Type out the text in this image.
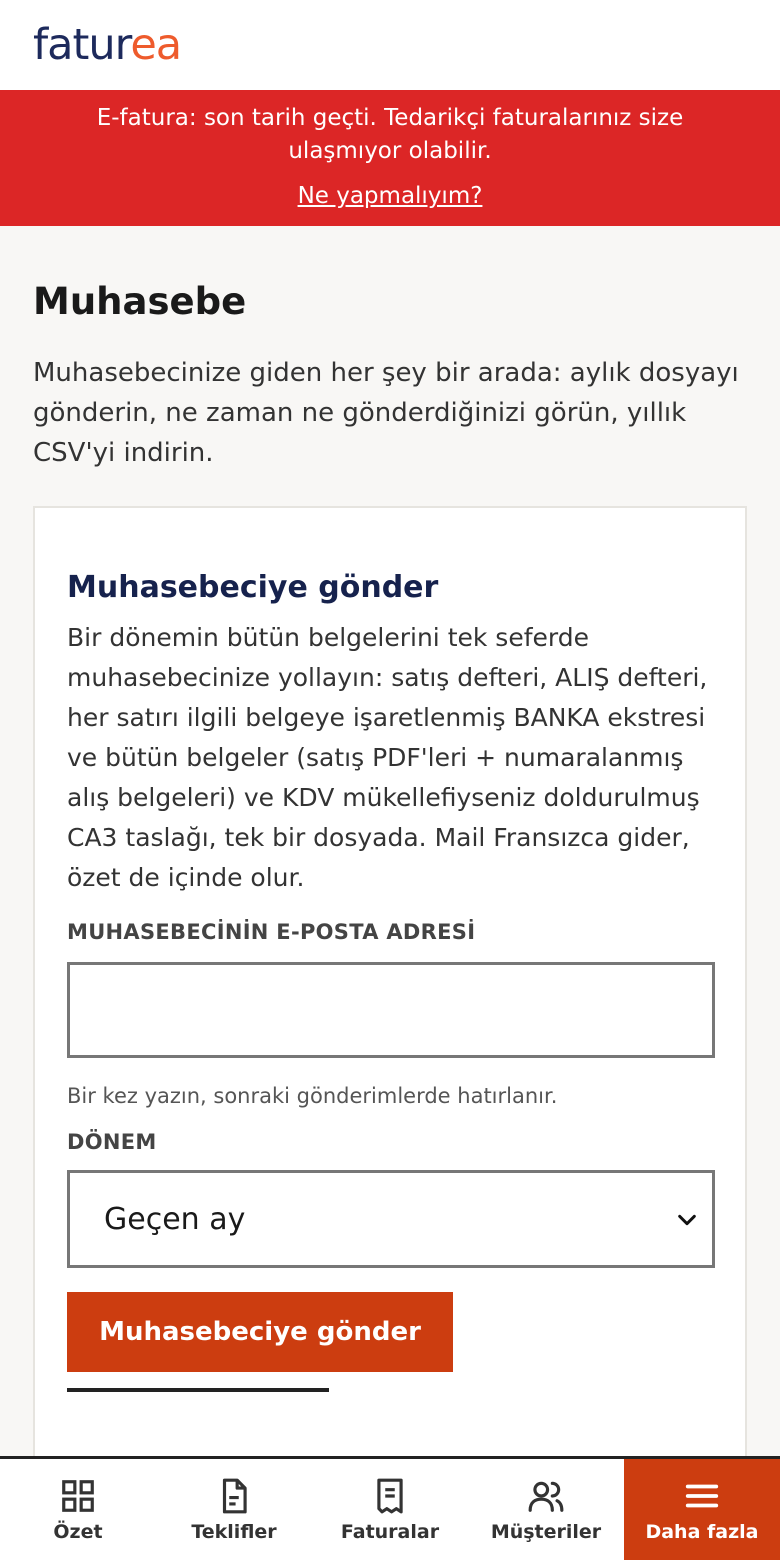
faturea
E-fatura: son tarih geçti. Tedarikçi faturalarınız size ulaşmıyor olabilir.
Ne yapmalıyım?
Muhasebe

Muhasebecinize giden her şey bir arada: aylık dosyayı gönderin, ne zaman ne gönderdiğinizi görün, yıllık CSV'yi indirin.

Muhasebeciye gönder

Bir dönemin bütün belgelerini tek seferde muhasebecinize yollayın: satış defteri, ALIŞ defteri, her satırı ilgili belgeye işaretlenmiş BANKA ekstresi ve bütün belgeler (satış PDF'leri + numaralanmış alış belgeleri) ve KDV mükellefiyseniz doldurulmuş CA3 taslağı, tek bir dosyada. Mail Fransızca gider, özet de içinde olur.

MUHASEBECİNİN E-POSTA ADRESİ
Bir kez yazın, sonraki gönderimlerde hatırlanır.
DÖNEM
Geçen ay
Muhasebeciye gönder
Özet	Teklifler	Faturalar	Müşteriler Daha fazla
